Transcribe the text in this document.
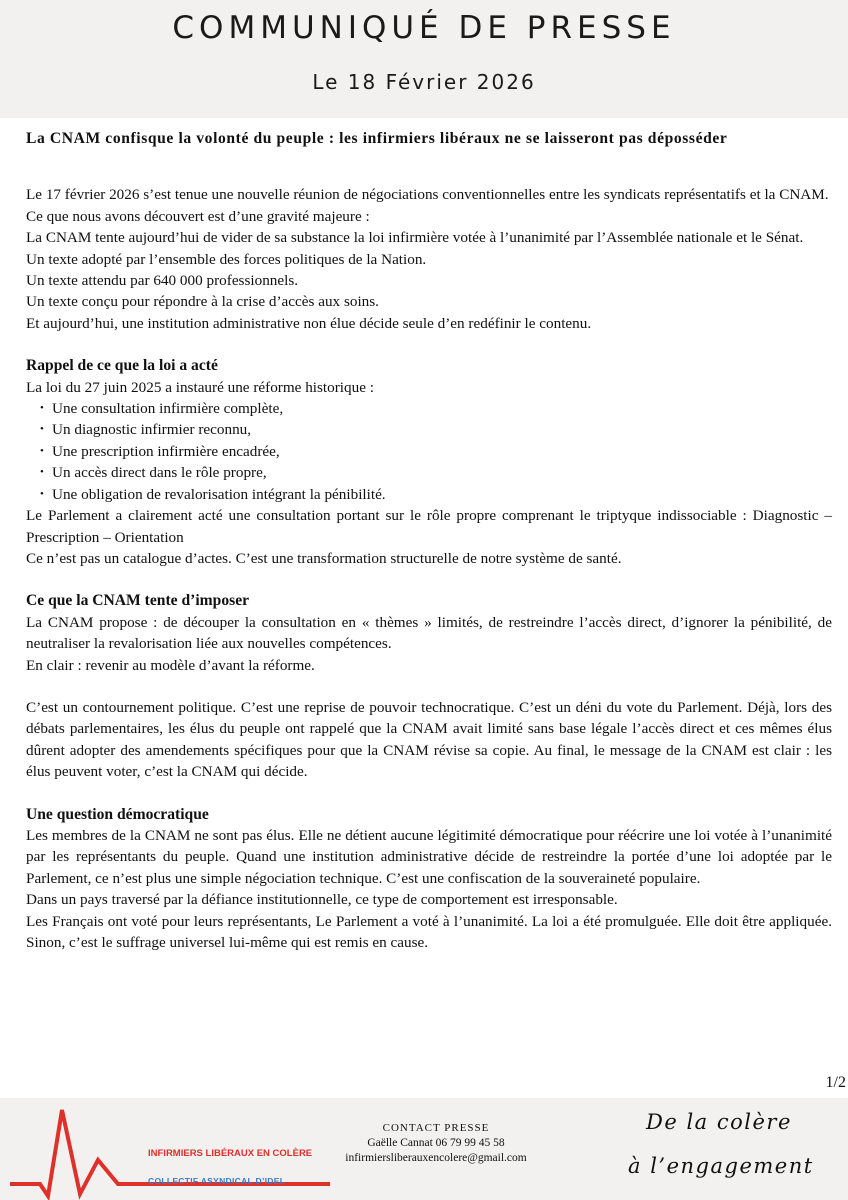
COMMUNIQUÉ DE PRESSE
Le 18 Février 2026

La CNAM confisque la volonté du peuple : les infirmiers libéraux ne se laisseront pas déposséder

Le 17 février 2026 s’est tenue une nouvelle réunion de négociations conventionnelles entre les syndicats représentatifs et la CNAM.

Ce que nous avons découvert est d’une gravité majeure :

La CNAM tente aujourd’hui de vider de sa substance la loi infirmière votée à l’unanimité par l’Assemblée nationale et le Sénat.

Un texte adopté par l’ensemble des forces politiques de la Nation.

Un texte attendu par 640 000 professionnels.

Un texte conçu pour répondre à la crise d’accès aux soins.

Et aujourd’hui, une institution administrative non élue décide seule d’en redéfinir le contenu.

Rappel de ce que la loi a acté

La loi du 27 juin 2025 a instauré une réforme historique :

• Une consultation infirmière complète,
• Un diagnostic infirmier reconnu,
• Une prescription infirmière encadrée,
• Un accès direct dans le rôle propre,
• Une obligation de revalorisation intégrant la pénibilité.

Le Parlement a clairement acté une consultation portant sur le rôle propre comprenant le triptyque indissociable : Diagnostic – Prescription – Orientation

Ce n’est pas un catalogue d’actes. C’est une transformation structurelle de notre système de santé.

Ce que la CNAM tente d’imposer

La CNAM propose : de découper la consultation en « thèmes » limités, de restreindre l’accès direct, d’ignorer la pénibilité, de neutraliser la revalorisation liée aux nouvelles compétences.

En clair : revenir au modèle d’avant la réforme.

C’est un contournement politique. C’est une reprise de pouvoir technocratique. C’est un déni du vote du Parlement. Déjà, lors des débats parlementaires, les élus du peuple ont rappelé que la CNAM avait limité sans base légale l’accès direct et ces mêmes élus dûrent adopter des amendements spécifiques pour que la CNAM révise sa copie. Au final, le message de la CNAM est clair : les élus peuvent voter, c’est la CNAM qui décide.

Une question démocratique

Les membres de la CNAM ne sont pas élus. Elle ne détient aucune légitimité démocratique pour réécrire une loi votée à l’unanimité par les représentants du peuple. Quand une institution administrative décide de restreindre la portée d’une loi adoptée par le Parlement, ce n’est plus une simple négociation technique. C’est une confiscation de la souveraineté populaire.

Dans un pays traversé par la défiance institutionnelle, ce type de comportement est irresponsable.

Les Français ont voté pour leurs représentants, Le Parlement a voté à l’unanimité. La loi a été promulguée. Elle doit être appliquée. Sinon, c’est le suffrage universel lui-même qui est remis en cause.

1/2
INFIRMIERS LIBÉRAUX EN COLÈRE
COLLECTIF ASYNDICAL D’IDEL
CONTACT PRESSE
Gaëlle Cannat 06 79 99 45 58
infirmiersliberauxencolere@gmail.com
De la colère
à l’engagement
